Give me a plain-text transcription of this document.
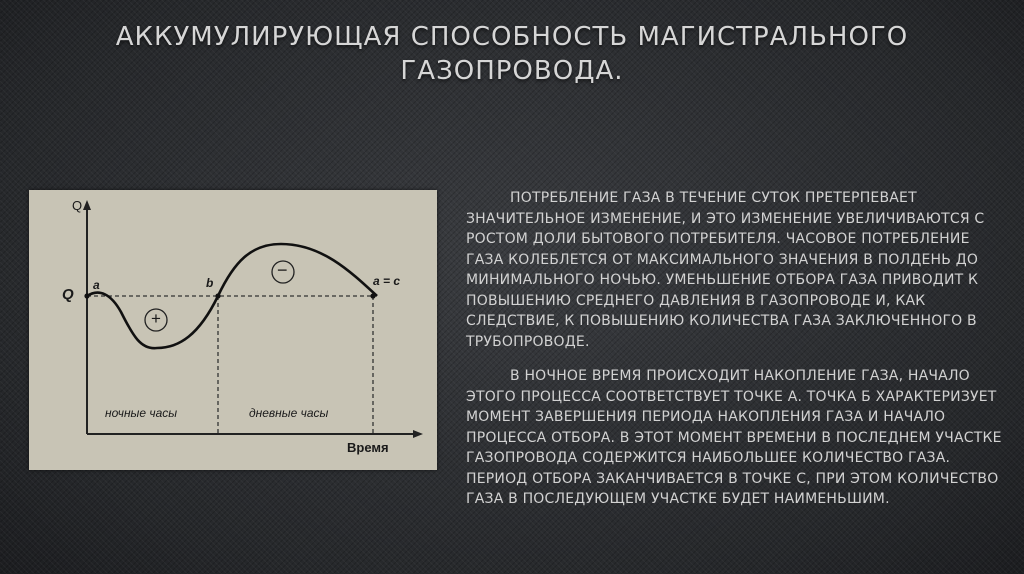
АККУМУЛИРУЮЩАЯ СПОСОБНОСТЬ МАГИСТРАЛЬНОГО ГАЗОПРОВОДА.
Q
Q
a	b	a = c
+
−
ночные часы	дневные часы
Время

ПОТРЕБЛЕНИЕ ГАЗА В ТЕЧЕНИЕ СУТОК ПРЕТЕРПЕВАЕТ ЗНАЧИТЕЛЬНОЕ ИЗМЕНЕНИЕ, И ЭТО ИЗМЕНЕНИЕ УВЕЛИЧИВАЮТСЯ С РОСТОМ ДОЛИ БЫТОВОГО ПОТРЕБИТЕЛЯ. ЧАСОВОЕ ПОТРЕБЛЕНИЕ ГАЗА КОЛЕБЛЕТСЯ ОТ МАКСИМАЛЬНОГО ЗНАЧЕНИЯ В ПОЛДЕНЬ ДО МИНИМАЛЬНОГО НОЧЬЮ. УМЕНЬШЕНИЕ ОТБОРА ГАЗА ПРИВОДИТ К ПОВЫШЕНИЮ СРЕДНЕГО ДАВЛЕНИЯ В ГАЗОПРОВОДЕ И, КАК СЛЕДСТВИЕ, К ПОВЫШЕНИЮ КОЛИЧЕСТВА ГАЗА ЗАКЛЮЧЕННОГО В ТРУБОПРОВОДЕ.

В НОЧНОЕ ВРЕМЯ ПРОИСХОДИТ НАКОПЛЕНИЕ ГАЗА, НАЧАЛО ЭТОГО ПРОЦЕССА СООТВЕТСТВУЕТ ТОЧКЕ А. ТОЧКА Б ХАРАКТЕРИЗУЕТ МОМЕНТ ЗАВЕРШЕНИЯ ПЕРИОДА НАКОПЛЕНИЯ ГАЗА И НАЧАЛО ПРОЦЕССА ОТБОРА. В ЭТОТ МОМЕНТ ВРЕМЕНИ В ПОСЛЕДНЕМ УЧАСТКЕ ГАЗОПРОВОДА СОДЕРЖИТСЯ НАИБОЛЬШЕЕ КОЛИЧЕСТВО ГАЗА. ПЕРИОД ОТБОРА ЗАКАНЧИВАЕТСЯ В ТОЧКЕ С, ПРИ ЭТОМ КОЛИЧЕСТВО ГАЗА В ПОСЛЕДУЮЩЕМ УЧАСТКЕ БУДЕТ НАИМЕНЬШИМ.
